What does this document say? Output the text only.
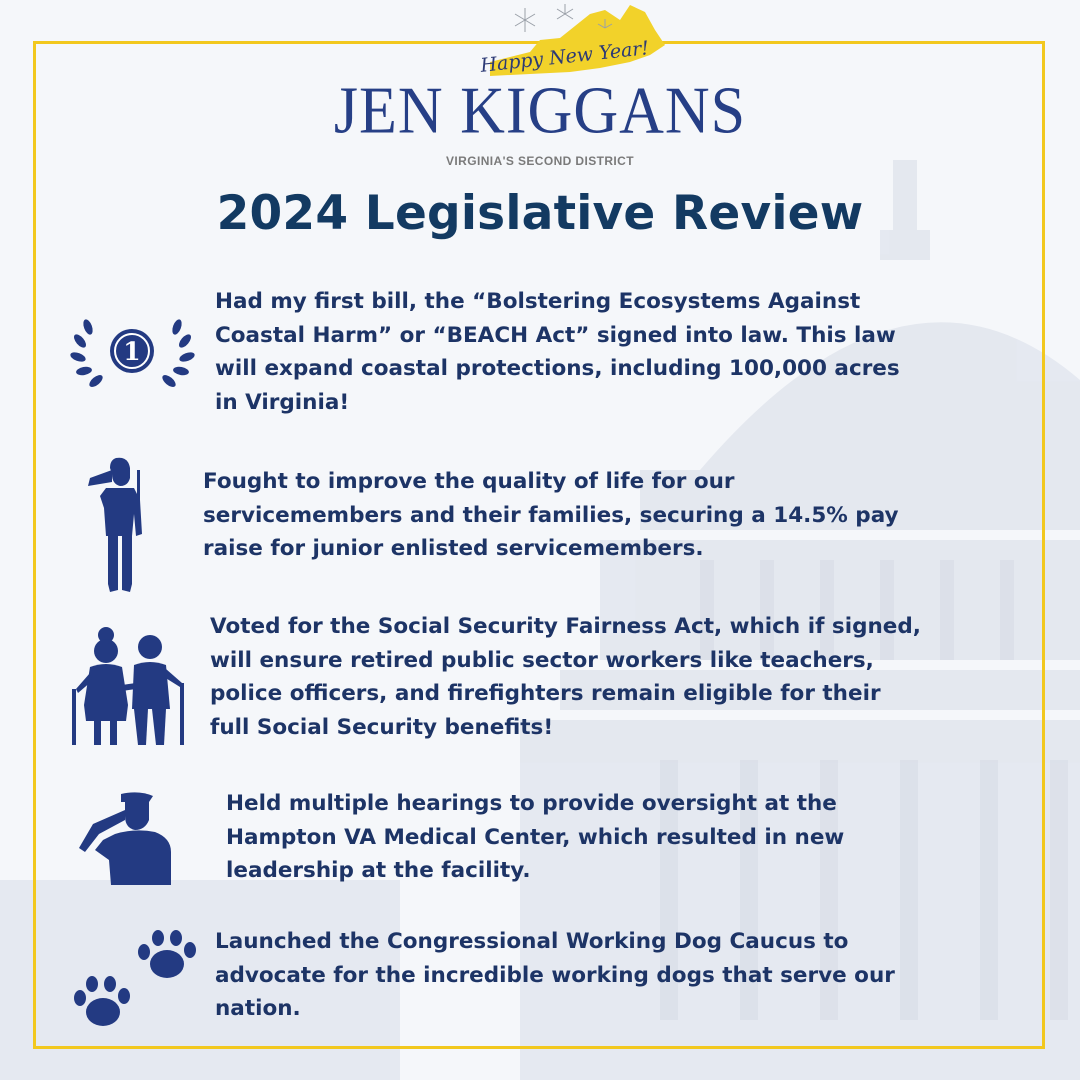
Happy New Year!
JEN KIGGANS
VIRGINIA'S SECOND DISTRICT
2024 Legislative Review
1
Had my first bill, the “Bolstering Ecosystems Against
Coastal Harm” or “BEACH Act” signed into law. This law
will expand coastal protections, including 100,000 acres
in Virginia!
Fought to improve the quality of life for our
servicemembers and their families, securing a 14.5% pay
raise for junior enlisted servicemembers.
Voted for the Social Security Fairness Act, which if signed,
will ensure retired public sector workers like teachers,
police officers, and firefighters remain eligible for their
full Social Security benefits!
Held multiple hearings to provide oversight at the
Hampton VA Medical Center, which resulted in new
leadership at the facility.
Launched the Congressional Working Dog Caucus to
advocate for the incredible working dogs that serve our
nation.
